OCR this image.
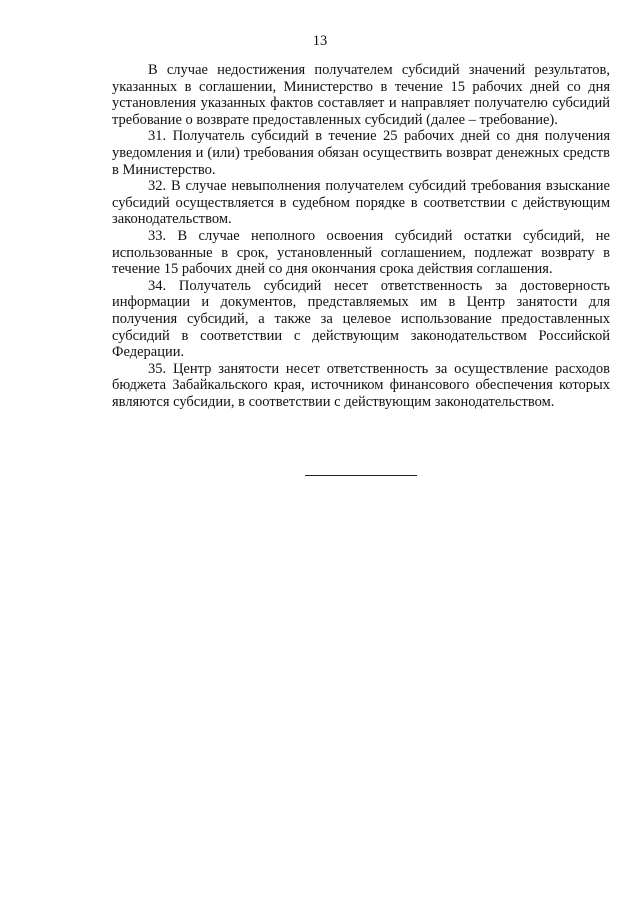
13

В случае недостижения получателем субсидий значений результатов, указанных в соглашении, Министерство в течение 15 рабочих дней со дня установления указанных фактов составляет и направляет получателю субсидий требование о возврате предоставленных субсидий (далее – требование).

31. Получатель субсидий в течение 25 рабочих дней со дня получения уведомления и (или) требования обязан осуществить возврат денежных средств в Министерство.

32. В случае невыполнения получателем субсидий требования взыскание субсидий осуществляется в судебном порядке в соответствии с действующим законодательством.

33. В случае неполного освоения субсидий остатки субсидий, не использованные в срок, установленный соглашением, подлежат возврату в течение 15 рабочих дней со дня окончания срока действия соглашения.

34. Получатель субсидий несет ответственность за достоверность информации и документов, представляемых им в Центр занятости для получения субсидий, а также за целевое использование предоставленных субсидий в соответствии с действующим законодательством Российской Федерации.

35. Центр занятости несет ответственность за осуществление расходов бюджета Забайкальского края, источником финансового обеспечения которых являются субсидии, в соответствии с действующим законодательством.
